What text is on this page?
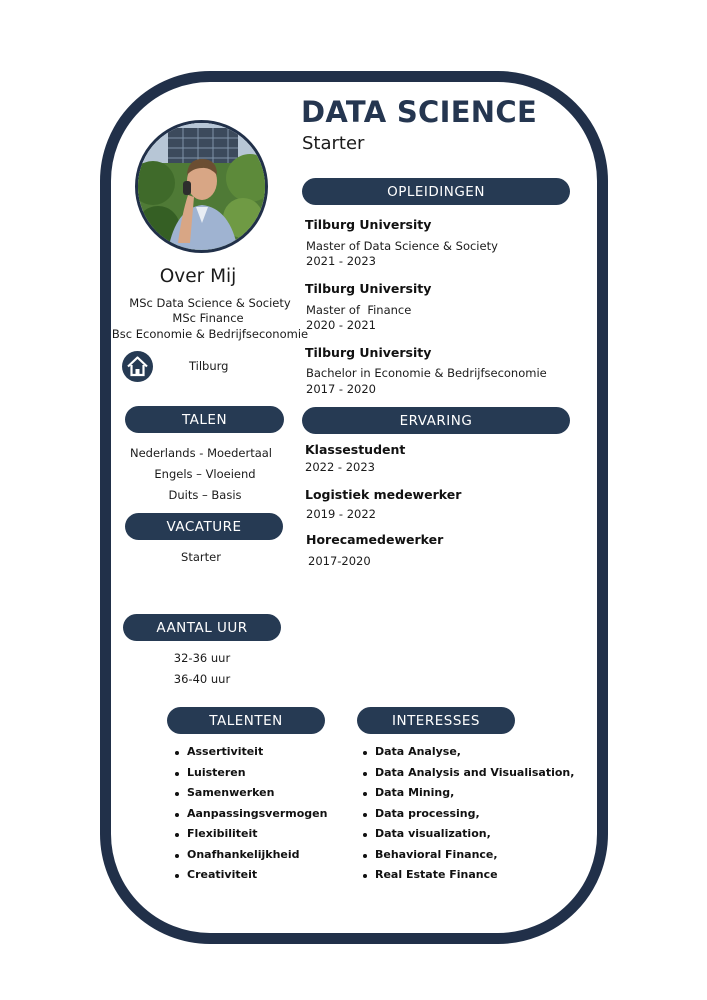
DATA SCIENCE
Starter
Over Mij
MSc Data Science & Society
MSc Finance
Bsc Economie & Bedrijfseconomie
Tilburg
TALEN
Nederlands - Moedertaal
Engels – Vloeiend
Duits – Basis
VACATURE
Starter
AANTAL UUR
32-36 uur
36-40 uur
OPLEIDINGEN
Tilburg University
Master of Data Science & Society
2021 - 2023
Tilburg University
Master of  Finance
2020 - 2021
Tilburg University
Bachelor in Economie & Bedrijfseconomie
2017 - 2020
ERVARING
Klassestudent
2022 - 2023
Logistiek medewerker
2019 - 2022
Horecamedewerker
2017-2020
TALENTEN
Assertiviteit
Luisteren
Samenwerken
Aanpassingsvermogen
Flexibiliteit
Onafhankelijkheid
Creativiteit
INTERESSES
Data Analyse,
Data Analysis and Visualisation,
Data Mining,
Data processing,
Data visualization,
Behavioral Finance,
Real Estate Finance
